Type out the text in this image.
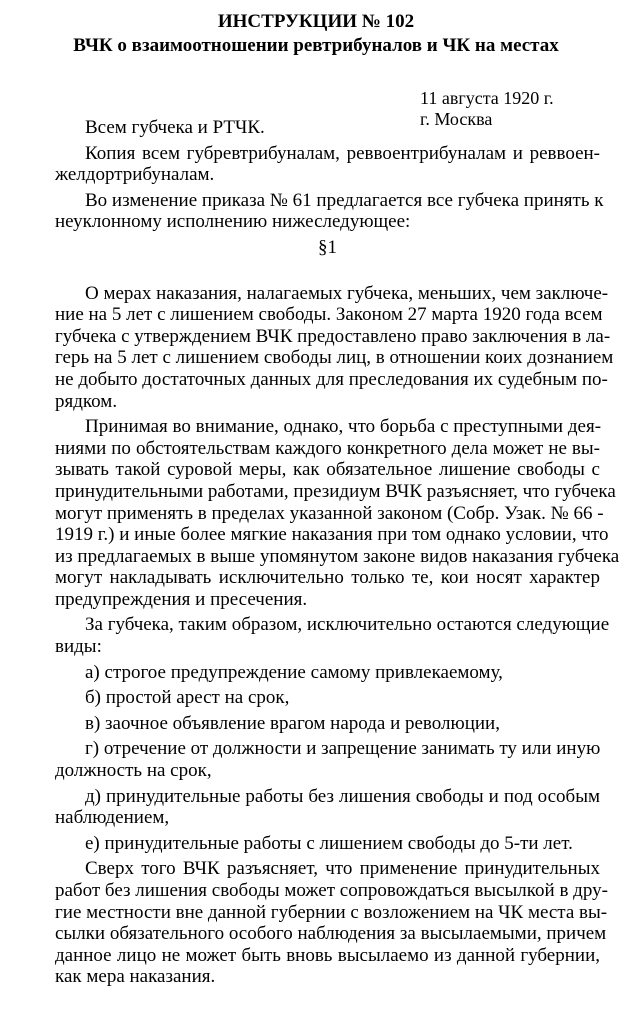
ИНСТРУКЦИИ № 102
ВЧК о взаимоотношении ревтрибуналов и ЧК на местах
11 августа 1920 г.
г. Москва
Всем губчека и РТЧК.
Копия всем губревтрибуналам, реввоентрибуналам и реввоен-
желдортрибуналам.
Во изменение приказа № 61 предлагается все губчека принять к
неуклонному исполнению нижеследующее:
§1
О мерах наказания, налагаемых губчека, меньших, чем заключе-
ние на 5 лет с лишением свободы. Законом 27 марта 1920 года всем
губчека с утверждением ВЧК предоставлено право заключения в ла-
герь на 5 лет с лишением свободы лиц, в отношении коих дознанием
не добыто достаточных данных для преследования их судебным по-
рядком.
Принимая во внимание, однако, что борьба с преступными дея-
ниями по обстоятельствам каждого конкретного дела может не вы-
зывать такой суровой меры, как обязательное лишение свободы с
принудительными работами, президиум ВЧК разъясняет, что губчека
могут применять в пределах указанной законом (Собр. Узак. № 66 -
1919 г.) и иные более мягкие наказания при том однако условии, что
из предлагаемых в выше упомянутом законе видов наказания губчека
могут накладывать исключительно только те, кои носят характер
предупреждения и пресечения.
За губчека, таким образом, исключительно остаются следующие
виды:
а) строгое предупреждение самому привлекаемому,
б) простой арест на срок,
в) заочное объявление врагом народа и революции,
г) отречение от должности и запрещение занимать ту или иную
должность на срок,
д) принудительные работы без лишения свободы и под особым
наблюдением,
е) принудительные работы с лишением свободы до 5-ти лет.
Сверх того ВЧК разъясняет, что применение принудительных
работ без лишения свободы может сопровождаться высылкой в дру-
гие местности вне данной губернии с возложением на ЧК места вы-
сылки обязательного особого наблюдения за высылаемыми, причем
данное лицо не может быть вновь высылаемо из данной губернии,
как мера наказания.
